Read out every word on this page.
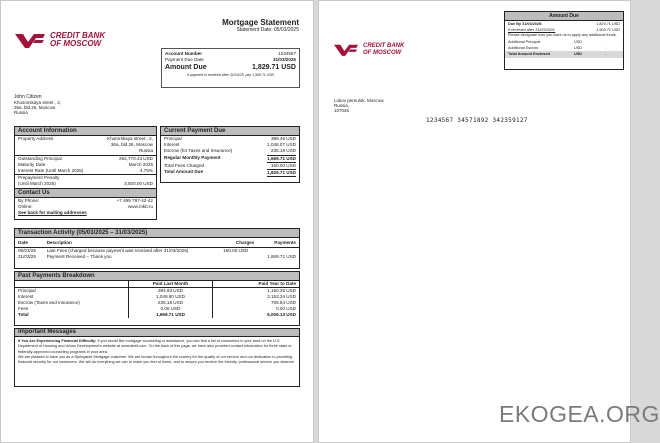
CREDIT BANK
OF MOSCOW
Mortgage Statement
Statement Date: 05/03/2025
Account Number	1234567
Payment Due Date	31/03/2025
Amount Due	1,829.71 USD
If payment is received after 31/03/25, pay 1,909.71 USD
John Citizen
Khusonskaya street , 2,
36a, bld.26, Moscow
Russia
Account Information
Property Address	Khutorskaya street , 2,
36a, bld.26, Moscow
Russia
Outstanding Principal	264,770.43 USD
Maturity Date	March 2025
Interest Rate (Until March 2025)	4.75%
Prepayment Penalty
(Until March 2025)	3,500.00 USD
Contact Us
By Phone:	+7 495 797-42-42
Online:	www.mkb.ru
See back for mailing addresses
Current Payment Due
Principal	386.46 USD
Interest	1,048.07 USD
Escrow (for Taxes and Insurance)	235.18 USD
Regular Monthly Payment	1,669.71 USD
Total Fees Charged	160.00 USD
Total Amount Due	1,829.71 USD
Transaction Activity (05/03/2025 – 31/03/2025)
Date	Description	Charges	Payments
05/03/25	Late Fees (charged because payment was received after 31/03/2025)	160.00 USD	
31/03/25	Payment Received – Thank you		1,669.71 USD
Past Payments Breakdown
	Paid Last Month	Paid Year to Date
Principal	384.93 USD	1,150.25 USD
Interest	1,049.60 USD	3,153.34 USD
Escrow (Taxes and Insurance)	235.18 USD	705.54 USD
Fees	0.00 USD	0.00 USD
Total	1,669.71 USD	5,009.13 USD
Important Messages
If You Are Experiencing Financial Difficulty: If you would like mortgage counseling or assistance, you can find a list of counselors in your area on the U.S. Department of Housing and Urban Development's website at www.abeii.com. On the back of this page, we have also provided contact information for three state or federally-approved counseling programs in your area.
We are pleased to have you as a Springside Mortgage customer. We are known throughout the country for the quality of our service and our dedication to providing financial security for our customers. We will do everything we can to make you feel at home, and to ensure you receive the friendly, professional service you deserve.
Amount Due
Due By 31/03/2025:	1,829.71 USD
If received after 31/03/2025:	1,909.71 USD
Please designate how you want us to apply any additional funds.
Additional Principal	USD	.
Additional Escrow	USD	.
Total Amount Enclosed	USD	.
CREDIT BANK
OF MOSCOW
Lukov pereulok, Moscow,
Russia,
107045
1234567 34571892 342359127
EKOGEA.ORG
